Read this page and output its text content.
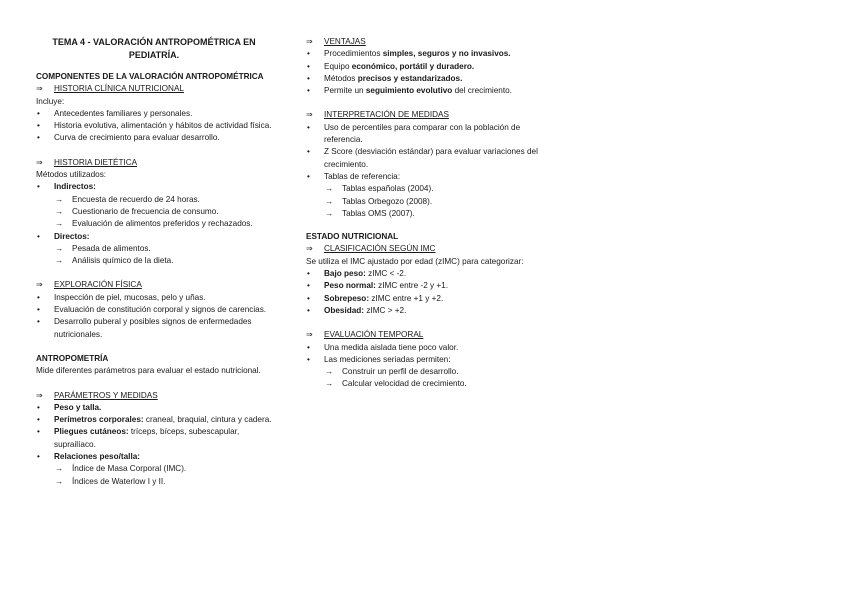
TEMA 4 - VALORACIÓN ANTROPOMÉTRICA EN PEDIATRÍA.
COMPONENTES DE LA VALORACIÓN ANTROPOMÉTRICA
⇒	HISTORIA CLÍNICA NUTRICIONAL
Incluye:
• Antecedentes familiares y personales.
• Historia evolutiva, alimentación y hábitos de actividad física.
• Curva de crecimiento para evaluar desarrollo.
⇒	HISTORIA DIETÉTICA
Métodos utilizados:
• Indirectos:
→ Encuesta de recuerdo de 24 horas.
→ Cuestionario de frecuencia de consumo.
→ Evaluación de alimentos preferidos y rechazados.
• Directos:
→ Pesada de alimentos.
→ Análisis químico de la dieta.
⇒	EXPLORACIÓN FÍSICA
• Inspección de piel, mucosas, pelo y uñas.
• Evaluación de constitución corporal y signos de carencias.
• Desarrollo puberal y posibles signos de enfermedades nutricionales.
ANTROPOMETRÍA
Mide diferentes parámetros para evaluar el estado nutricional.
⇒	PARÁMETROS Y MEDIDAS
• Peso y talla.
• Perímetros corporales: craneal, braquial, cintura y cadera.
• Pliegues cutáneos: tríceps, bíceps, subescapular, suprailíaco.
• Relaciones peso/talla:
→ Índice de Masa Corporal (IMC).
→ Índices de Waterlow I y II.
⇒	VENTAJAS
• Procedimientos simples, seguros y no invasivos.
• Equipo económico, portátil y duradero.
• Métodos precisos y estandarizados.
• Permite un seguimiento evolutivo del crecimiento.
⇒	INTERPRETACIÓN DE MEDIDAS
• Uso de percentiles para comparar con la población de referencia.
• Z Score (desviación estándar) para evaluar variaciones del crecimiento.
• Tablas de referencia:
→ Tablas españolas (2004).
→ Tablas Orbegozo (2008).
→ Tablas OMS (2007).
ESTADO NUTRICIONAL
⇒	CLASIFICACIÓN SEGÚN IMC
Se utiliza el IMC ajustado por edad (zIMC) para categorizar:
• Bajo peso: zIMC < -2.
• Peso normal: zIMC entre -2 y +1.
• Sobrepeso: zIMC entre +1 y +2.
• Obesidad: zIMC > +2.
⇒	EVALUACIÓN TEMPORAL
• Una medida aislada tiene poco valor.
• Las mediciones seriadas permiten:
→ Construir un perfil de desarrollo.
→ Calcular velocidad de crecimiento.
